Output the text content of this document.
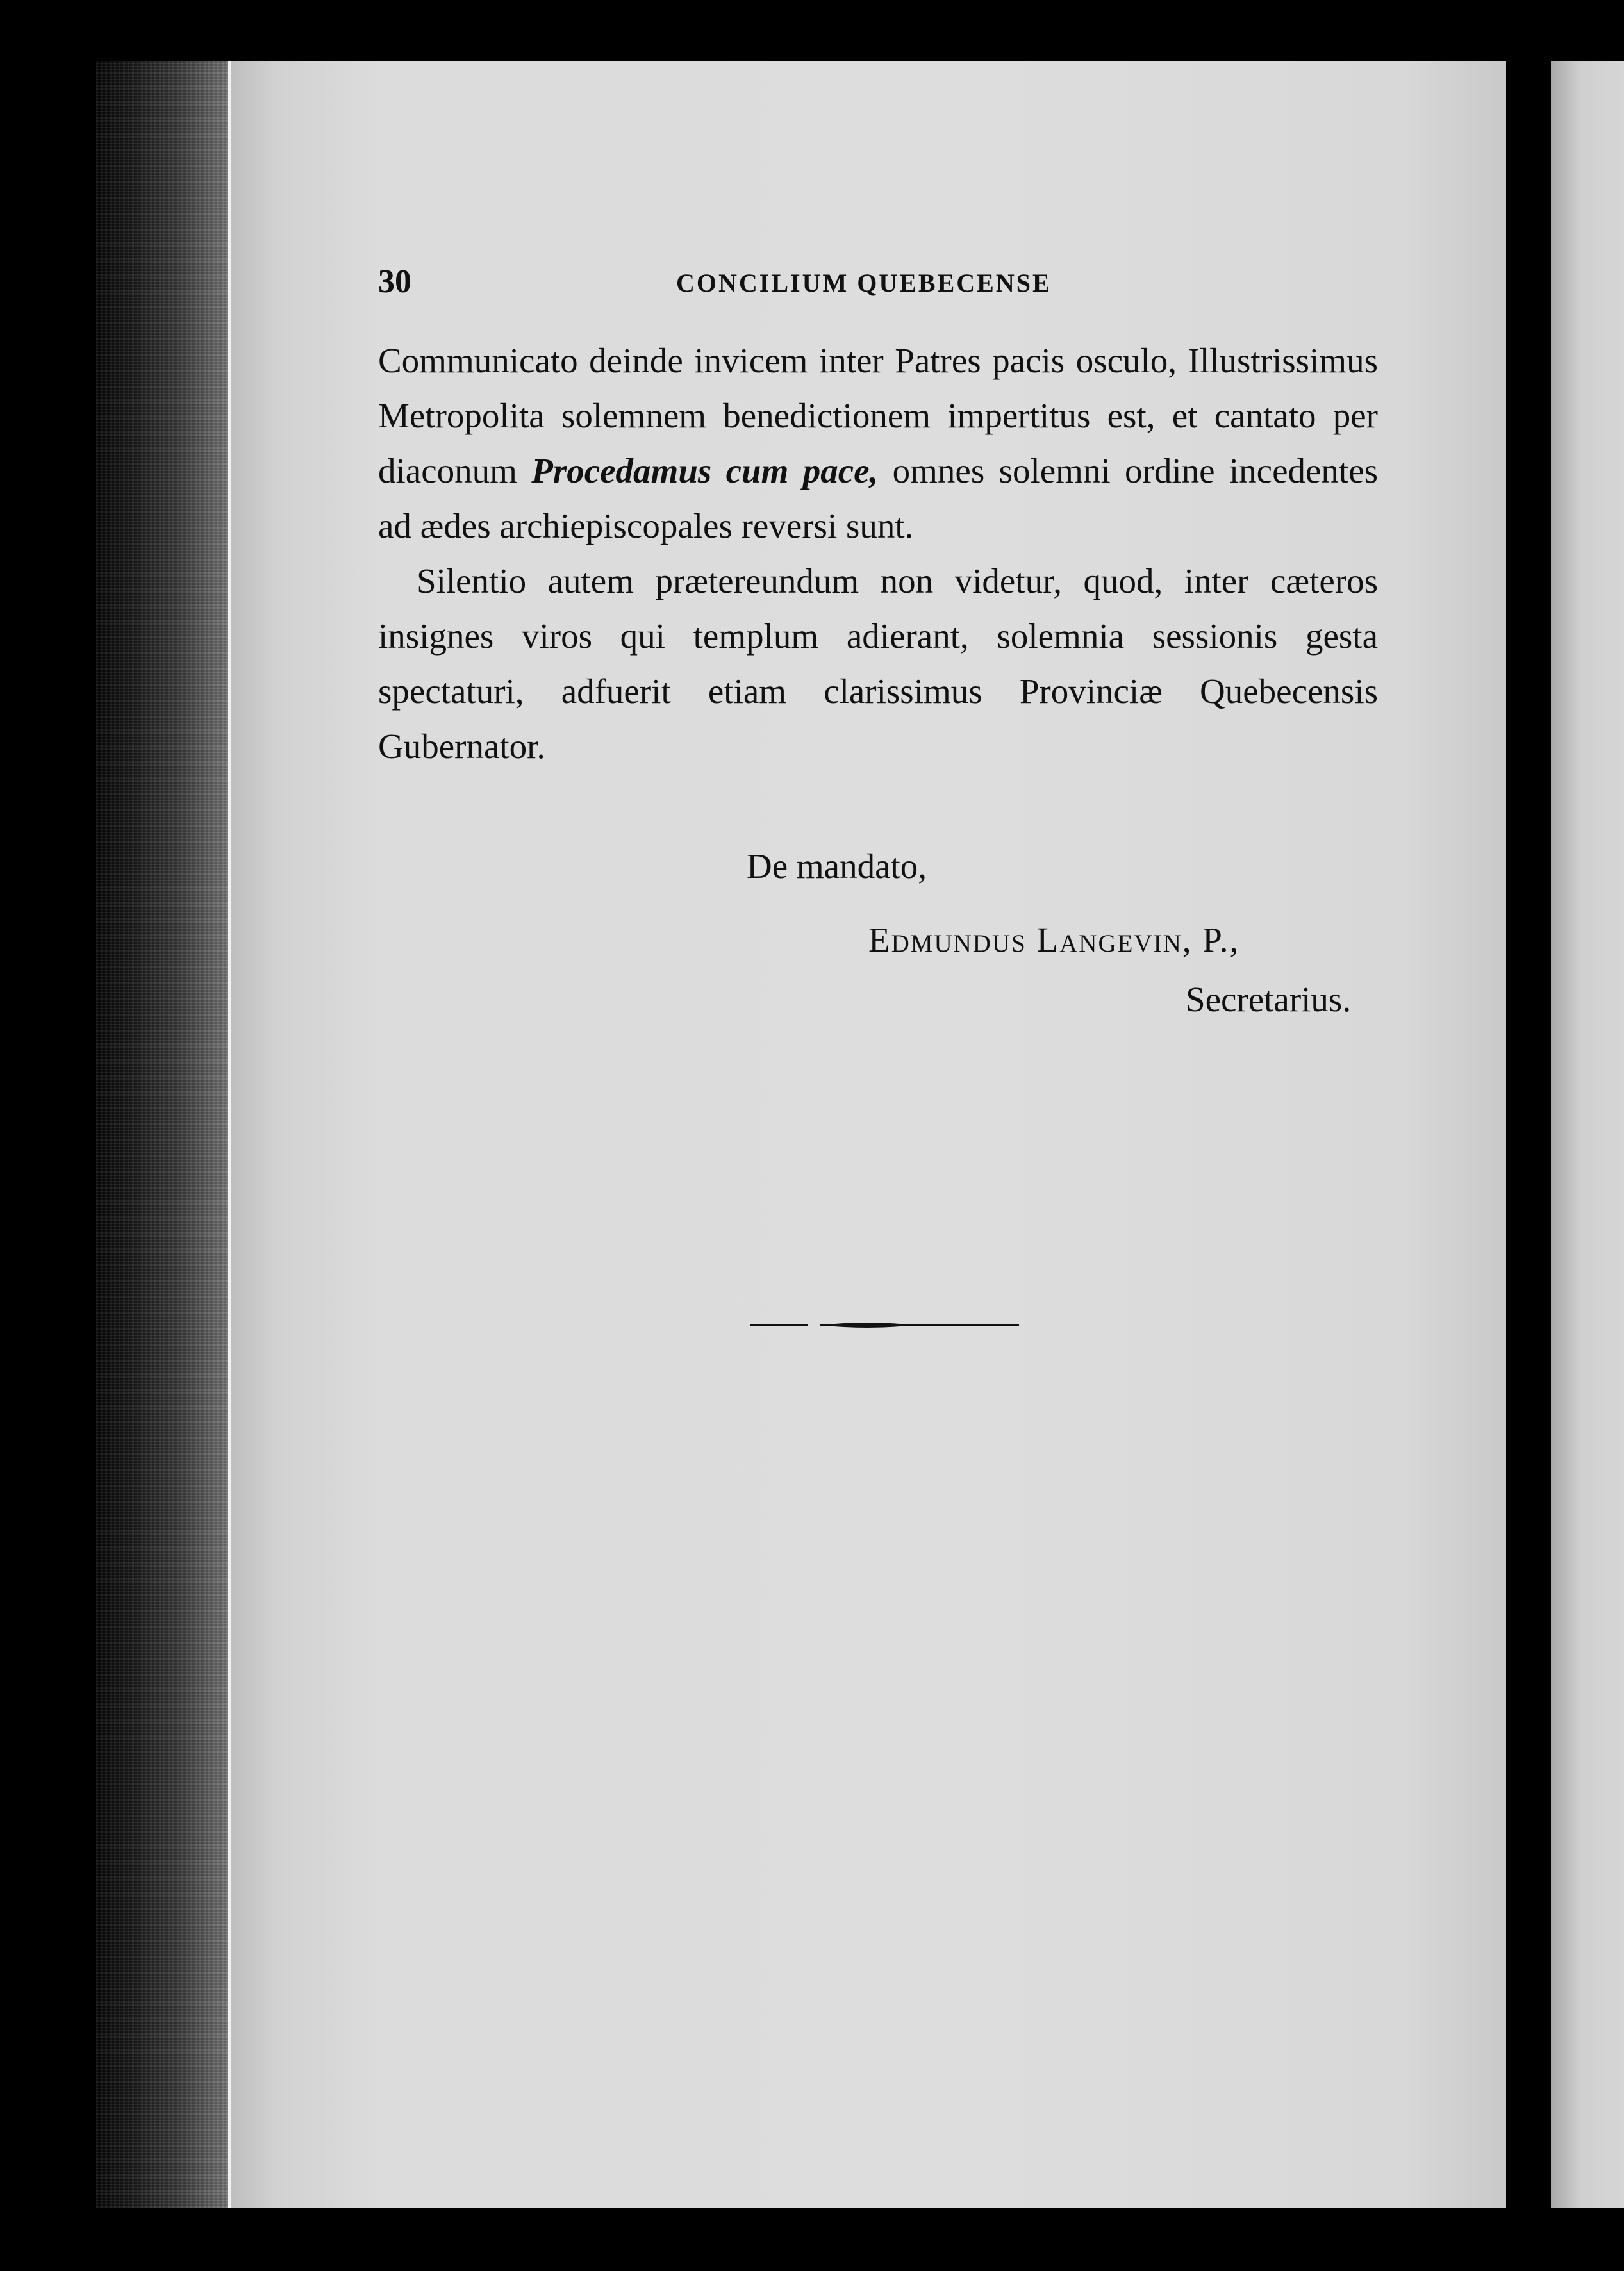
30	CONCILIUM QUEBECENSE

Communicato deinde invicem inter Patres pacis osculo, Illustrissimus Metropolita solemnem benedictionem impertitus est, et cantato per diaconum Procedamus cum pace, omnes solemni ordine incedentes ad ædes archiepiscopales reversi sunt.

Silentio autem prætereundum non videtur, quod, inter cæteros insignes viros qui templum adierant, solemnia sessionis gesta spectaturi, adfuerit etiam clarissimus Provinciæ Quebecensis Gubernator.

De mandato,
Edmundus Langevin, P.,
Secretarius.
